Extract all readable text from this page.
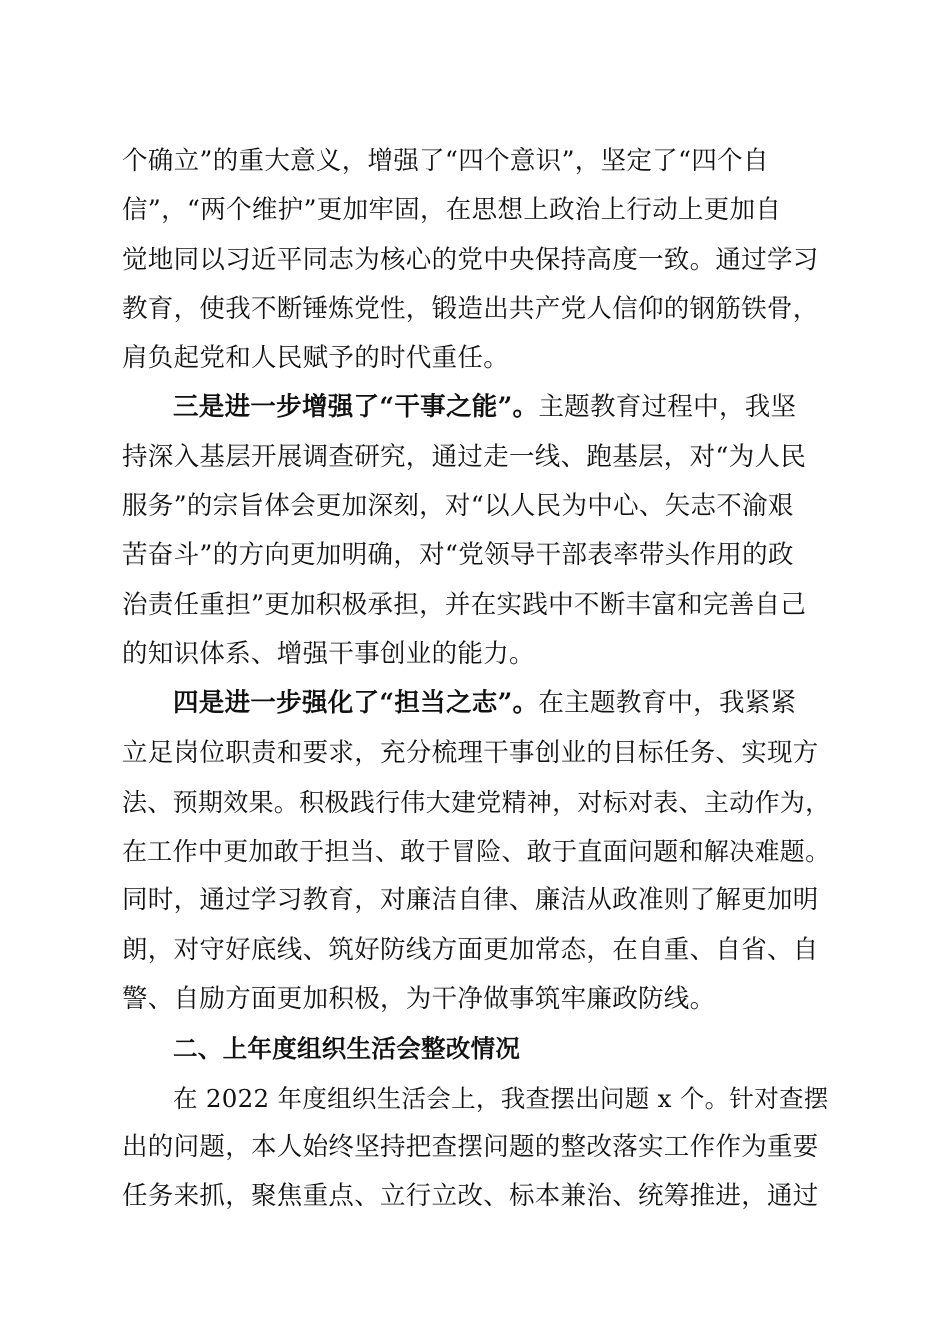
个确立”的重大意义，增强了“四个意识”，坚定了“四个自
信”，“两个维护”更加牢固，在思想上政治上行动上更加自
觉地同以习近平同志为核心的党中央保持高度一致。通过学习
教育，使我不断锤炼党性，锻造出共产党人信仰的钢筋铁骨，
肩负起党和人民赋予的时代重任。
三是进一步增强了“干事之能”。主题教育过程中，我坚
持深入基层开展调查研究，通过走一线、跑基层，对“为人民
服务”的宗旨体会更加深刻，对“以人民为中心、矢志不渝艰
苦奋斗”的方向更加明确，对“党领导干部表率带头作用的政
治责任重担”更加积极承担，并在实践中不断丰富和完善自己
的知识体系、增强干事创业的能力。
四是进一步强化了“担当之志”。在主题教育中，我紧紧
立足岗位职责和要求，充分梳理干事创业的目标任务、实现方
法、预期效果。积极践行伟大建党精神，对标对表、主动作为，
在工作中更加敢于担当、敢于冒险、敢于直面问题和解决难题。
同时，通过学习教育，对廉洁自律、廉洁从政准则了解更加明
朗，对守好底线、筑好防线方面更加常态，在自重、自省、自
警、自励方面更加积极，为干净做事筑牢廉政防线。
二、上年度组织生活会整改情况
在 2022 年度组织生活会上，我查摆出问题 x 个。针对查摆
出的问题，本人始终坚持把查摆问题的整改落实工作作为重要
任务来抓，聚焦重点、立行立改、标本兼治、统筹推进，通过
